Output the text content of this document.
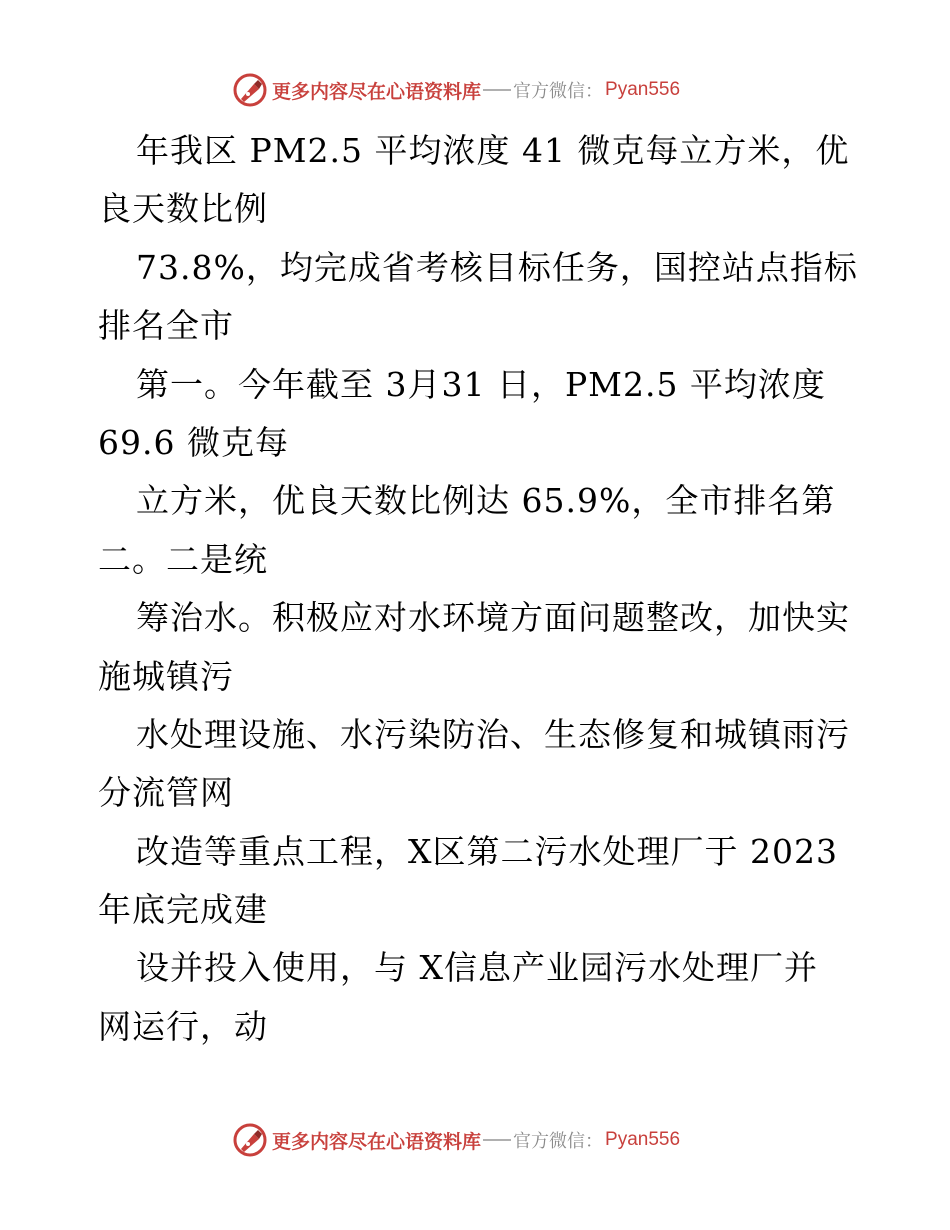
更多内容尽在心语资料库 官方微信： Pyan556
年我区 PM2.5 平均浓度 41 微克每立方米，优
良天数比例
73.8%，均完成省考核目标任务，国控站点指标
排名全市
第一。今年截至 3月31 日，PM2.5 平均浓度
69.6 微克每
立方米，优良天数比例达 65.9%，全市排名第
二。二是统
筹治水。积极应对水环境方面问题整改，加快实
施城镇污
水处理设施、水污染防治、生态修复和城镇雨污
分流管网
改造等重点工程，X区第二污水处理厂于 2023
年底完成建
设并投入使用，与 X信息产业园污水处理厂并
网运行，动
更多内容尽在心语资料库 官方微信： Pyan556
